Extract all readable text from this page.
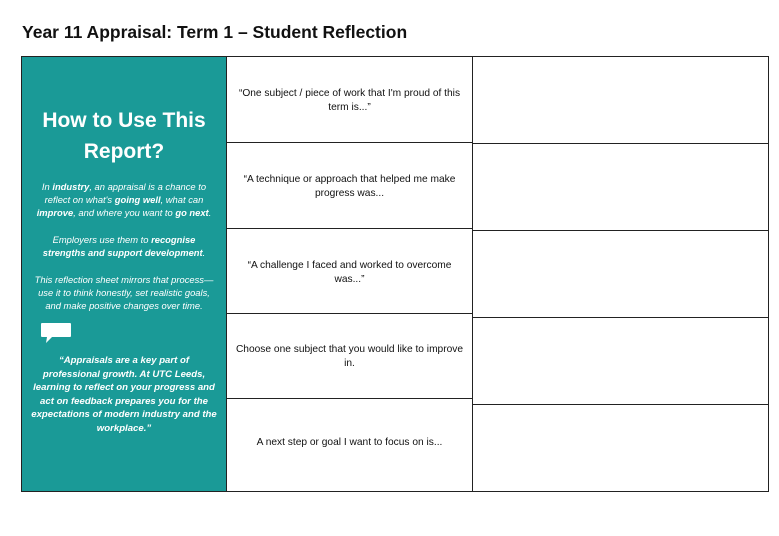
Year 11 Appraisal: Term 1 – Student Reflection
How to Use This
Report?
In industry, an appraisal is a chance to reflect on what's going well, what can improve, and where you want to go next.
Employers use them to recognise strengths and support development.
This reflection sheet mirrors that process—use it to think honestly, set realistic goals, and make positive changes over time.
“Appraisals are a key part of professional growth. At UTC Leeds, learning to reflect on your progress and act on feedback prepares you for the expectations of modern industry and the workplace.”
“One subject / piece of work that I'm proud of this term is...”
“A technique or approach that helped me make progress was...
“A challenge I faced and worked to overcome was...”
Choose one subject that you would like to improve in.
A next step or goal I want to focus on is...
